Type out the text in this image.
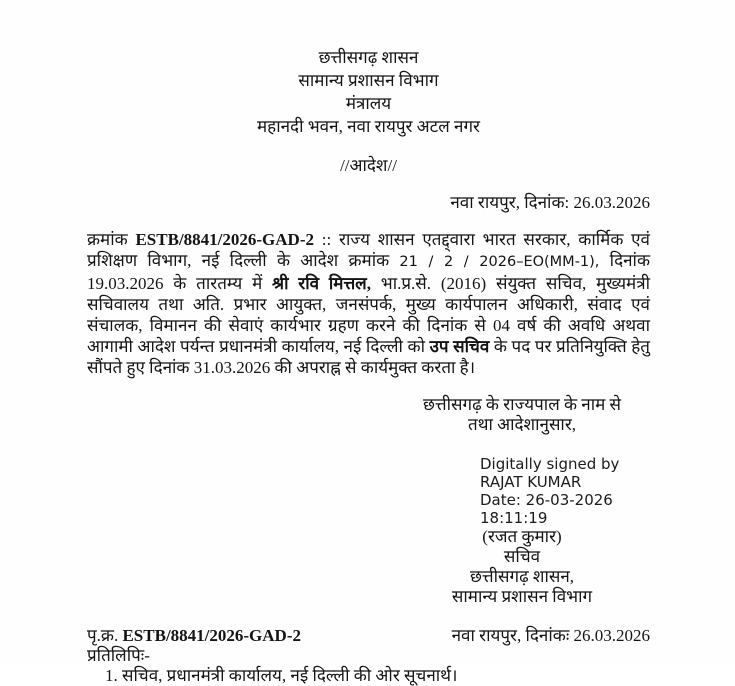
छत्तीसगढ़ शासन
सामान्य प्रशासन विभाग
मंत्रालय
महानदी भवन, नवा रायपुर अटल नगर
//आदेश//
नवा रायपुर, दिनांक: 26.03.2026

क्रमांक ESTB/8841/2026-GAD-2 :: राज्य शासन एतद्द्वारा भारत सरकार, कार्मिक एवं प्रशिक्षण विभाग, नई दिल्ली के आदेश क्रमांक 21 / 2 / 2026–EO(MM-1), दिनांक 19.03.2026 के तारतम्य में श्री रवि मित्तल, भा.प्र.से. (2016) संयुक्त सचिव, मुख्यमंत्री सचिवालय तथा अति. प्रभार आयुक्त, जनसंपर्क, मुख्य कार्यपालन अधिकारी, संवाद एवं संचालक, विमानन की सेवाएं कार्यभार ग्रहण करने की दिनांक से 04 वर्ष की अवधि अथवा आगामी आदेश पर्यन्त प्रधानमंत्री कार्यालय, नई दिल्ली को उप सचिव के पद पर प्रतिनियुक्ति हेतु सौंपते हुए दिनांक 31.03.2026 की अपराह्न से कार्यमुक्त करता है।

छत्तीसगढ़ के राज्यपाल के नाम से
तथा आदेशानुसार,
Digitally signed by
RAJAT KUMAR
Date: 26-03-2026
18:11:19
(रजत कुमार)
सचिव
छत्तीसगढ़ शासन,
सामान्य प्रशासन विभाग
पृ.क्र. ESTB/8841/2026-GAD-2	नवा रायपुर, दिनांकः 26.03.2026
प्रतिलिपिः-
1. सचिव, प्रधानमंत्री कार्यालय, नई दिल्ली की ओर सूचनार्थ।
